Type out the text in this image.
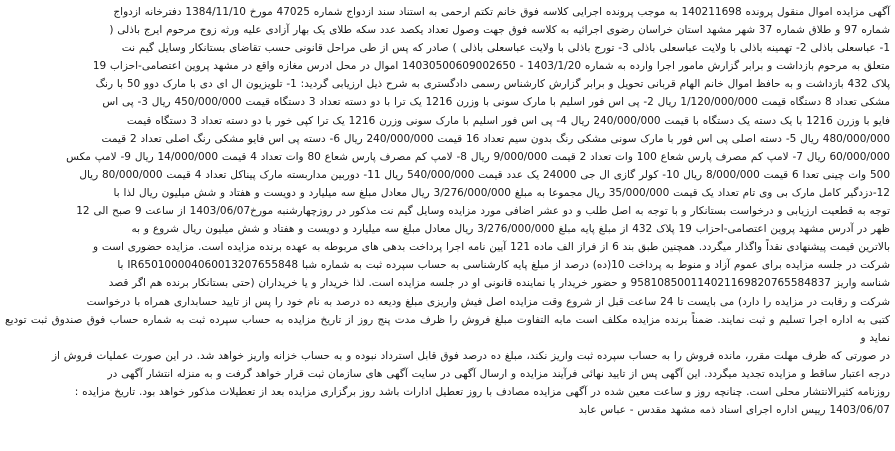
آگهی مزایده اموال منقول پرونده 140211698 به موجب پرونده اجرایی کلاسه فوق خانم تکتم ارحمی به استناد سند ازدواج شماره 47025 مورخ 1384/11/10 دفترخانه ازدواج
شماره 97 و طلاق شماره 37 شهر مشهد استان خراسان رضوی اجرائیه به کلاسه فوق جهت وصول تعداد یکصد عدد سکه طلای یک بهار آزادی علیه ورثه زوج مرحوم ایرج باذلی (
1- عباسعلی باذلی 2- تهمینه باذلی با ولایت عباسعلی باذلی 3- تورج باذلی با ولایت عباسعلی باذلی ) صادر که پس از طی مراحل قانونی حسب تقاضای بستانکار وسایل گیم نت
متعلق به مرحوم بازداشت و برابر گزارش مامور اجرا وارده به شماره 1403/1/20 - 14030500609002650 اموال در محل ادرس مغازه واقع در مشهد پروین اعتصامی-احزاب 19
پلاک 432 بازداشت و به حافظ اموال خانم الهام قربانی تحویل و برابر گزارش کارشناس رسمی دادگستری به شرح ذیل ارزیابی گردید: 1- تلویزیون ال ای دی با مارک دوو 50 با رنگ
مشکی تعداد 8 دستگاه قیمت 1/120/000/000 ریال 2- پی اس فور اسلیم با مارک سونی با وزرن 1216 یک ترا با دو دسته تعداد 3 دستگاه قیمت 450/000/000 ریال 3- پی اس
فایو با وزرن 1216 با یک دسته یک دستگاه با قیمت 240/000/000 ریال 4- پی اس فور اسلیم با مارک سونی وزرن 1216 یک ترا کپی خور با دو دسته تعداد 3 دستگاه قیمت
480/000/000 ریال 5- دسته اصلی پی اس فور با مارک سونی مشکی رنگ بدون سیم تعداد 16 قیمت 240/000/000 ریال 6- دسته پی اس فایو مشکی رنگ اصلی تعداد 2 قیمت
60/000/000 ریال 7- لامپ کم مصرف پارس شعاع 100 وات تعداد 2 قیمت 9/000/000 ریال 8- لامپ کم مصرف پارس شعاع 80 وات تعداد 4 قیمت 14/000/000 ریال 9- لامپ مکس
500 وات چینی تعدا 6 قیمت 8/000/000 ریال 10- کولر گازی ال جی 24000 یک عدد قیمت 540/000/000 ریال 11- دوربین مداربسته مارک پیناکل تعداد 4 قیمت 80/000/000 ریال
12-دزدگیر کامل مارک بی وی تام تعداد یک قیمت 35/000/000 ریال مجموعا به مبلغ 3/276/000/000 ریال معادل مبلغ سه میلیارد و دویست و هفتاد و شش میلیون ریال لذا با
توجه به قطعیت ارزیابی و درخواست بستانکار و با توجه به اصل طلب و دو عشر اضافی مورد مزایده وسایل گیم نت مذکور در روزچهارشنبه مورخ1403/06/07 از ساعت 9 صبح الی 12
ظهر در آدرس مشهد پروین اعتصامی-احزاب 19 پلاک 432 از مبلغ پایه مبلغ 3/276/000/000 ریال معادل مبلغ سه میلیارد و دویست و هفتاد و شش میلیون ریال شروع و به
بالاترین قیمت پیشنهادی نقداً واگذار میگردد. همچنین طبق بند 6 از فراز الف ماده 121 آیین نامه اجرا پرداخت بدهی های مربوطه به عهده برنده مزایده است. مزایده حضوری است و
شرکت در جلسه مزایده برای عموم آزاد و منوط به پرداخت 10(ده) درصد از مبلغ پایه کارشناسی به حساب سپرده ثبت به شماره شبا IR650100004060013207655848 با
شناسه واریز 958108500114021169820765584837 و حضور خریدار یا نماینده قانونی او در جلسه مزایده است. لذا خریدار و یا خریداران (حتی بستانکار برنده هم اگر قصد
شرکت و رقابت در مزایده را دارد) می بایست تا 24 ساعت قبل از شروع وقت مزایده اصل فیش واریزی مبلغ ودیعه ده درصد به نام خود را پس از تایید حسابداری همراه با درخواست
کتبی به اداره اجرا تسلیم و ثبت نمایند. ضمناً برنده مزایده مکلف است مابه التفاوت مبلغ فروش را ظرف مدت پنج روز از تاریخ مزایده به حساب سپرده ثبت به شماره حساب فوق صندوق ثبت تودیع نماید و
در صورتی که ظرف مهلت مقرر، مانده فروش را به حساب سپرده ثبت واریز نکند، مبلغ ده درصد فوق قابل استرداد نبوده و به حساب خزانه واریز خواهد شد. در این صورت عملیات فروش از
درجه اعتبار ساقط و مزایده تجدید میگردد. این آگهی پس از تایید نهائی فرآیند مزایده و ارسال آگهی در سایت آگهی های سازمان ثبت قرار خواهد گرفت و به منزله انتشار آگهی در
روزنامه کثیرالانتشار محلی است. چنانچه روز و ساعت معین شده در آگهی مزایده مصادف با روز تعطیل ادارات باشد روز برگزاری مزایده بعد از تعطیلات مذکور خواهد بود. تاریخ مزایده :
1403/06/07 رییس اداره اجرای اسناد ذمه مشهد مقدس - عباس عابد
